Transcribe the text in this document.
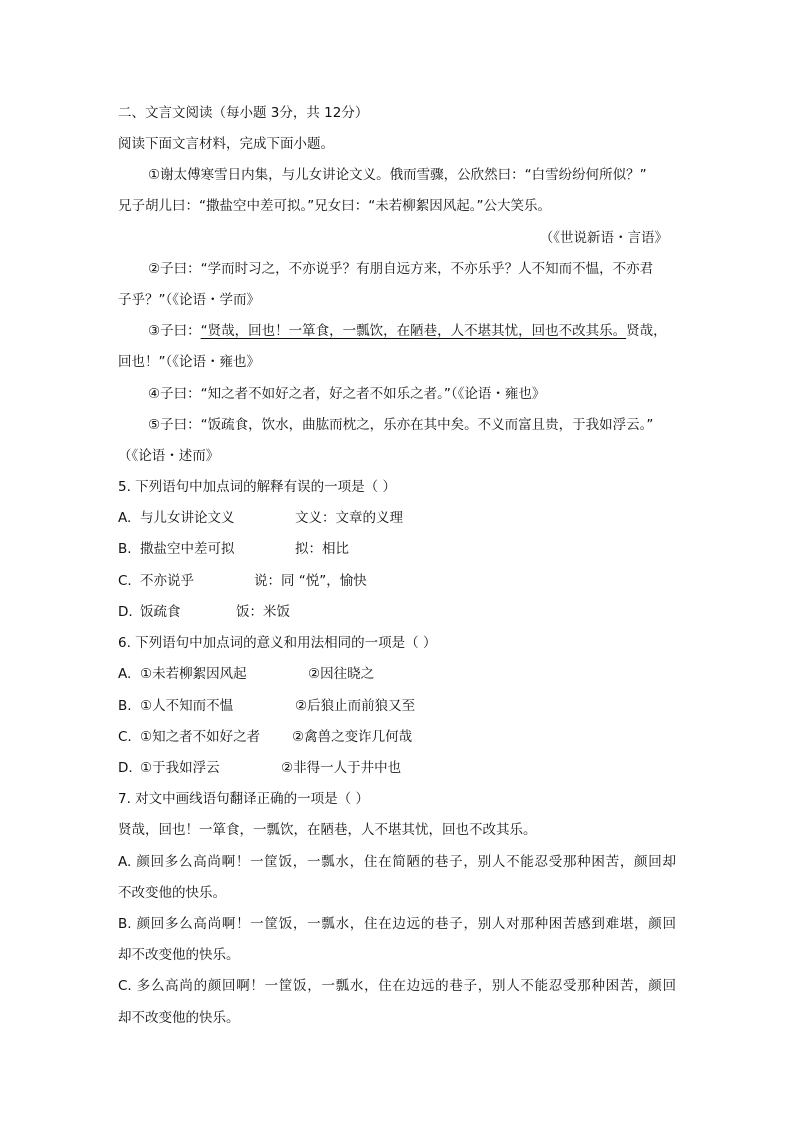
二、文言文阅读（每小题 3分，共 12分）

阅读下面文言材料，完成下面小题。

①谢太傅寒雪日内集，与儿女讲论文义。俄而雪骤，公欣然曰：“白雪纷纷何所似？”

兄子胡儿曰：“撒盐空中差可拟。”兄女曰：“未若柳絮因风起。”公大笑乐。

（《世说新语・言语》

②子曰：“学而时习之，不亦说乎？有朋自远方来，不亦乐乎？人不知而不愠，不亦君

子乎？”（《论语・学而》

③子曰：“贤哉，回也！一箪食，一瓢饮，在陋巷，人不堪其忧，回也不改其乐。贤哉，

回也！”（《论语・雍也》

④子曰：“知之者不如好之者，好之者不如乐之者。”（《论语・雍也》

⑤子曰：“饭疏食，饮水，曲肱而枕之，乐亦在其中矣。不义而富且贵，于我如浮云。”

（《论语・述而》

5. 下列语句中加点词的解释有误的一项是（ ）

A. 与儿女讲论文义	文义：文章的义理
B. 撒盐空中差可拟	拟：相比
C. 不亦说乎	说：同 “悦”，愉快
D. 饭疏食	饭：米饭

6. 下列语句中加点词的意义和用法相同的一项是（ ）

A. ①未若柳絮因风起	②因往晓之
B. ①人不知而不愠	②后狼止而前狼又至
C. ①知之者不如好之者 ②禽兽之变诈几何哉
D. ①于我如浮云	②非得一人于井中也

7. 对文中画线语句翻译正确的一项是（ ）

贤哉，回也！一箪食，一瓢饮，在陋巷，人不堪其忧，回也不改其乐。

A. 颜回多么高尚啊！一筐饭，一瓢水，住在简陋的巷子，别人不能忍受那种困苦，颜回却

不改变他的快乐。

B. 颜回多么高尚啊！一筐饭，一瓢水，住在边远的巷子，别人对那种困苦感到难堪，颜回

却不改变他的快乐。

C. 多么高尚的颜回啊！一筐饭，一瓢水，住在边远的巷子，别人不能忍受那种困苦，颜回

却不改变他的快乐。
